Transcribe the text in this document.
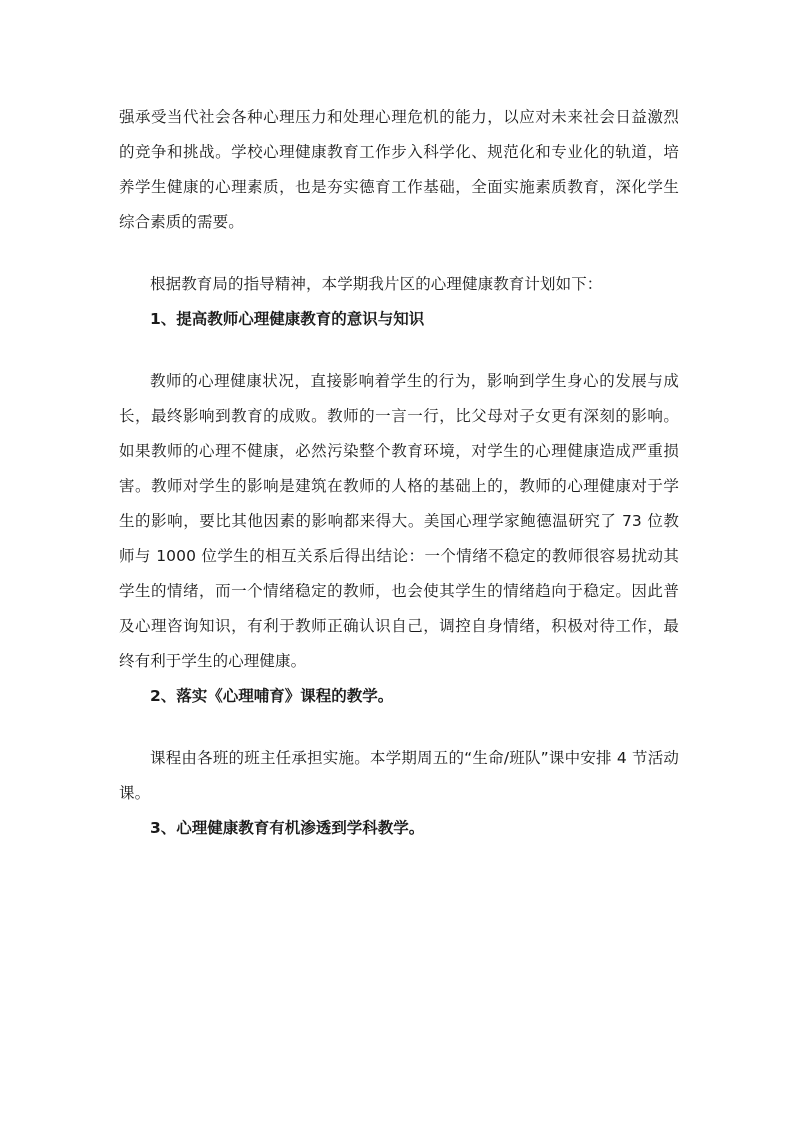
强承受当代社会各种心理压力和处理心理危机的能力，以应对未来社会日益激烈的竞争和挑战。学校心理健康教育工作步入科学化、规范化和专业化的轨道，培养学生健康的心理素质，也是夯实德育工作基础，全面实施素质教育，深化学生综合素质的需要。

根据教育局的指导精神，本学期我片区的心理健康教育计划如下：

1、提高教师心理健康教育的意识与知识

教师的心理健康状况，直接影响着学生的行为，影响到学生身心的发展与成长，最终影响到教育的成败。教师的一言一行，比父母对子女更有深刻的影响。如果教师的心理不健康，必然污染整个教育环境，对学生的心理健康造成严重损害。教师对学生的影响是建筑在教师的人格的基础上的，教师的心理健康对于学生的影响，要比其他因素的影响都来得大。美国心理学家鲍德温研究了 73 位教师与 1000 位学生的相互关系后得出结论：一个情绪不稳定的教师很容易扰动其学生的情绪，而一个情绪稳定的教师，也会使其学生的情绪趋向于稳定。因此普及心理咨询知识，有利于教师正确认识自己，调控自身情绪，积极对待工作，最终有利于学生的心理健康。

2、落实《心理哺育》课程的教学。

课程由各班的班主任承担实施。本学期周五的“生命/班队”课中安排 4 节活动课。

3、心理健康教育有机渗透到学科教学。
